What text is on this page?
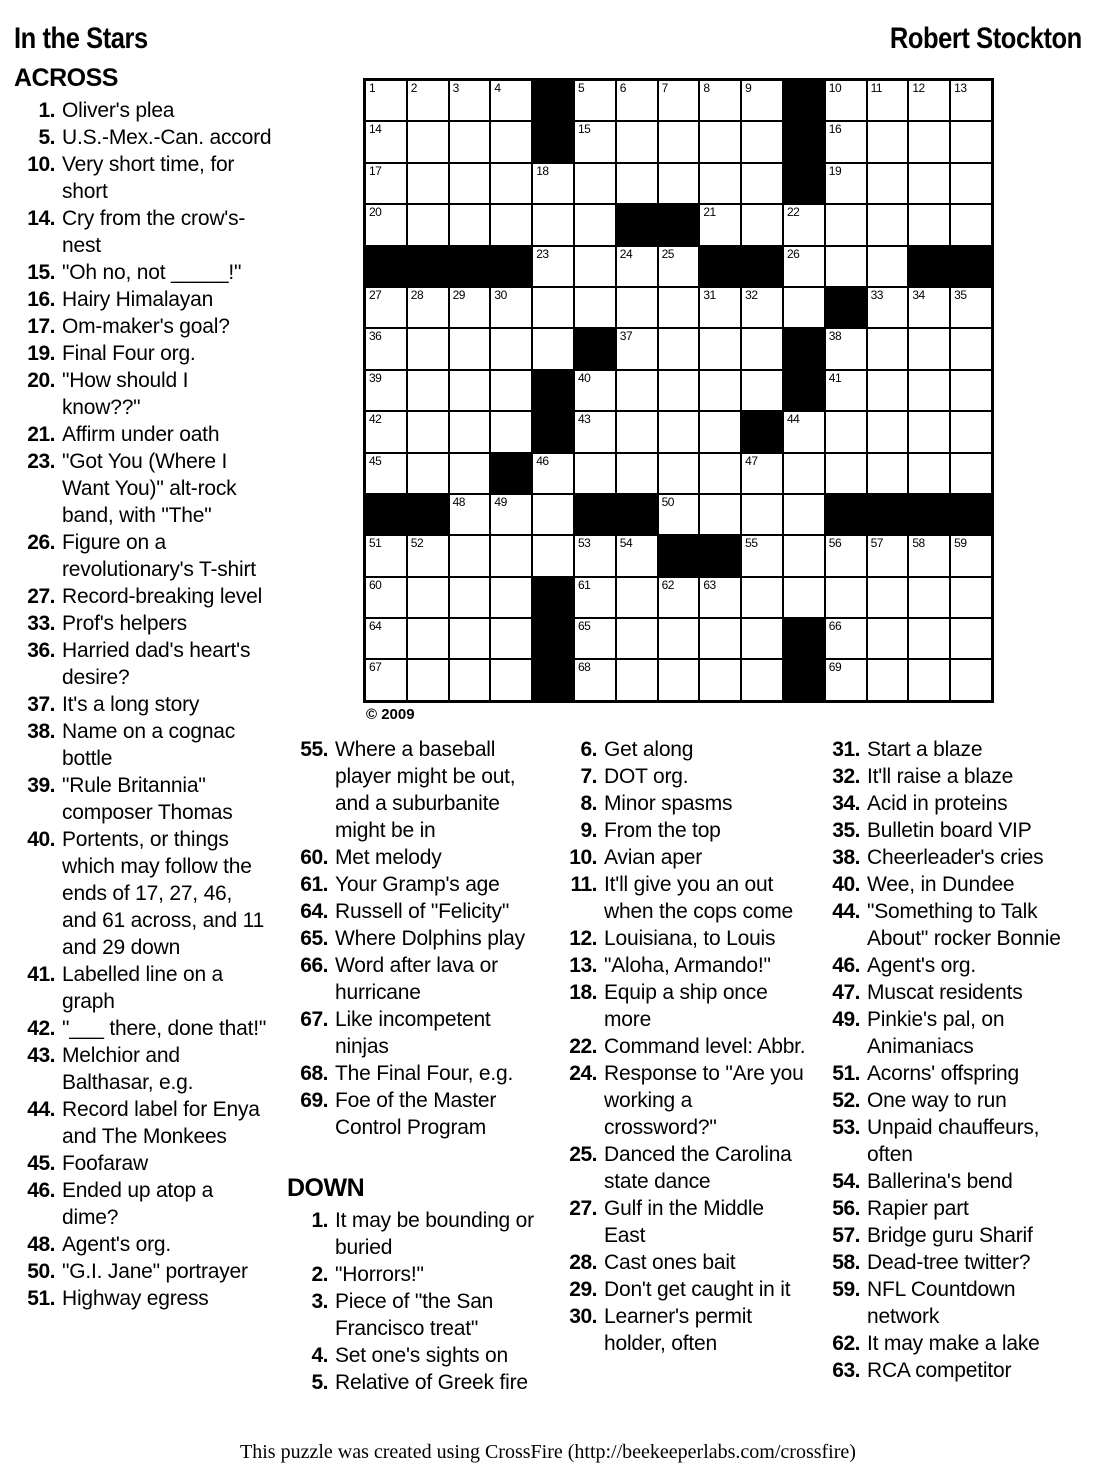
In the Stars	Robert Stockton
ACROSS
1. Oliver's plea
5. U.S.-Mex.-Can. accord
10. Very short time, for short
14. Cry from the crow's-nest
15. "Oh no, not _____!"
16. Hairy Himalayan
17. Om-maker's goal?
19. Final Four org.
20. "How should I know??"
21. Affirm under oath
23. "Got You (Where I Want You)" alt-rock band, with "The"
26. Figure on a revolutionary's T-shirt
27. Record-breaking level
33. Prof's helpers
36. Harried dad's heart's desire?
37. It's a long story
38. Name on a cognac bottle
39. "Rule Britannia" composer Thomas
40. Portents, or things which may follow the ends of 17, 27, 46, and 61 across, and 11 and 29 down
41. Labelled line on a graph
42. "___ there, done that!"
43. Melchior and Balthasar, e.g.
44. Record label for Enya and The Monkees
45. Foofaraw
46. Ended up atop a dime?
48. Agent's org.
50. "G.I. Jane" portrayer
51. Highway egress
1	2	3	4	5	6	7	8	9	10 11	12 13
14	15	16
17	18	19
20	21	22
23	24 25	26
27 28 29 30	31 32	33 34 35
36	37	38
39	40	41
42	43	44
45	46	47
48 49	50
51 52	53 54	55	56 57 58 59
60	61	62 63
64	65	66
67	68	69
© 2009
55. Where a baseball player might be out, and a suburbanite might be in
60. Met melody
61. Your Gramp's age
64. Russell of "Felicity"
65. Where Dolphins play
66. Word after lava or hurricane
67. Like incompetent ninjas
68. The Final Four, e.g.
69. Foe of the Master Control Program
DOWN
1. It may be bounding or buried
2. "Horrors!"
3. Piece of "the San Francisco treat"
4. Set one's sights on
5. Relative of Greek fire
6. Get along
7. DOT org.
8. Minor spasms
9. From the top
10. Avian aper
11. It'll give you an out when the cops come
12. Louisiana, to Louis
13. "Aloha, Armando!"
18. Equip a ship once more
22. Command level: Abbr.
24. Response to "Are you working a crossword?"
25. Danced the Carolina state dance
27. Gulf in the Middle East
28. Cast ones bait
29. Don't get caught in it
30. Learner's permit holder, often
31. Start a blaze
32. It'll raise a blaze
34. Acid in proteins
35. Bulletin board VIP
38. Cheerleader's cries
40. Wee, in Dundee
44. "Something to Talk About" rocker Bonnie
46. Agent's org.
47. Muscat residents
49. Pinkie's pal, on Animaniacs
51. Acorns' offspring
52. One way to run
53. Unpaid chauffeurs, often
54. Ballerina's bend
56. Rapier part
57. Bridge guru Sharif
58. Dead-tree twitter?
59. NFL Countdown network
62. It may make a lake
63. RCA competitor
This puzzle was created using CrossFire (http://beekeeperlabs.com/crossfire)
